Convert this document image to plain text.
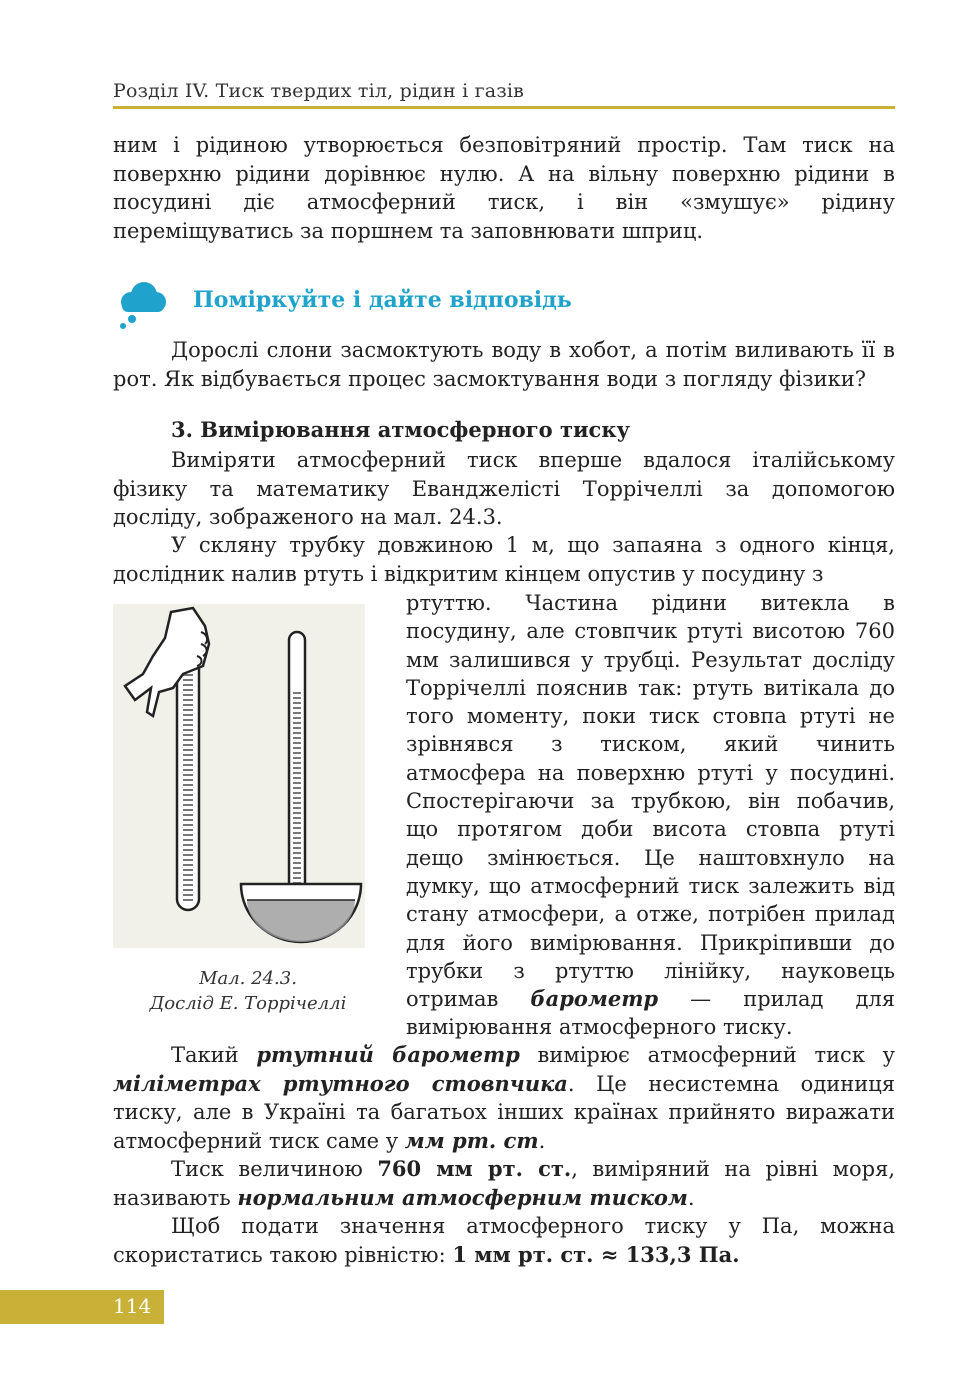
Розділ IV. Тиск твердих тіл, рідин і газів

ним і рідиною утворюється безповітряний простір. Там тиск на поверхню рідини дорівнює нулю. А на вільну поверхню рідини в посудині діє атмосферний тиск, і він «змушує» рідину переміщуватись за поршнем та заповнювати шприц.

Поміркуйте і дайте відповідь

Дорослі слони засмоктують воду в хобот, а потім виливають її в рот. Як відбувається процес засмоктування води з погляду фізики?

3. Вимірювання атмосферного тиску

Виміряти атмосферний тиск вперше вдалося італійському фізику та математику Еванджелісті Торрічеллі за допомогою досліду, зображеного на мал. 24.3.

У скляну трубку довжиною 1 м, що запаяна з одного кінця, дослідник налив ртуть і відкритим кінцем опустив у посудину з

Мал. 24.3.
Дослід Е. Торрічеллі

ртуттю. Частина рідини витекла в посудину, але стовпчик ртуті висотою 760 мм залишився у трубці. Результат досліду Торрічеллі пояснив так: ртуть витікала до того моменту, поки тиск стовпа ртуті не зрівнявся з тиском, який чинить атмосфера на поверхню ртуті у посудині. Спостерігаючи за трубкою, він побачив, що протягом доби висота стовпа ртуті дещо змінюється. Це наштовхнуло на думку, що атмосферний тиск залежить від стану атмосфери, а отже, потрібен прилад для його вимірювання. Прикріпивши до трубки з ртуттю лінійку, науковець отримав барометр — прилад для вимірювання атмосферного тиску.

Такий ртутний барометр вимірює атмосферний тиск у міліметрах ртутного стовпчика. Це несистемна одиниця тиску, але в Україні та багатьох інших країнах прийнято виражати атмосферний тиск саме у мм рт. ст.

Тиск величиною 760 мм рт. ст., виміряний на рівні моря, називають нормальним атмосферним тиском.

Щоб подати значення атмосферного тиску у Па, можна скористатись такою рівністю: 1 мм рт. ст. ≈ 133,3 Па.

114
